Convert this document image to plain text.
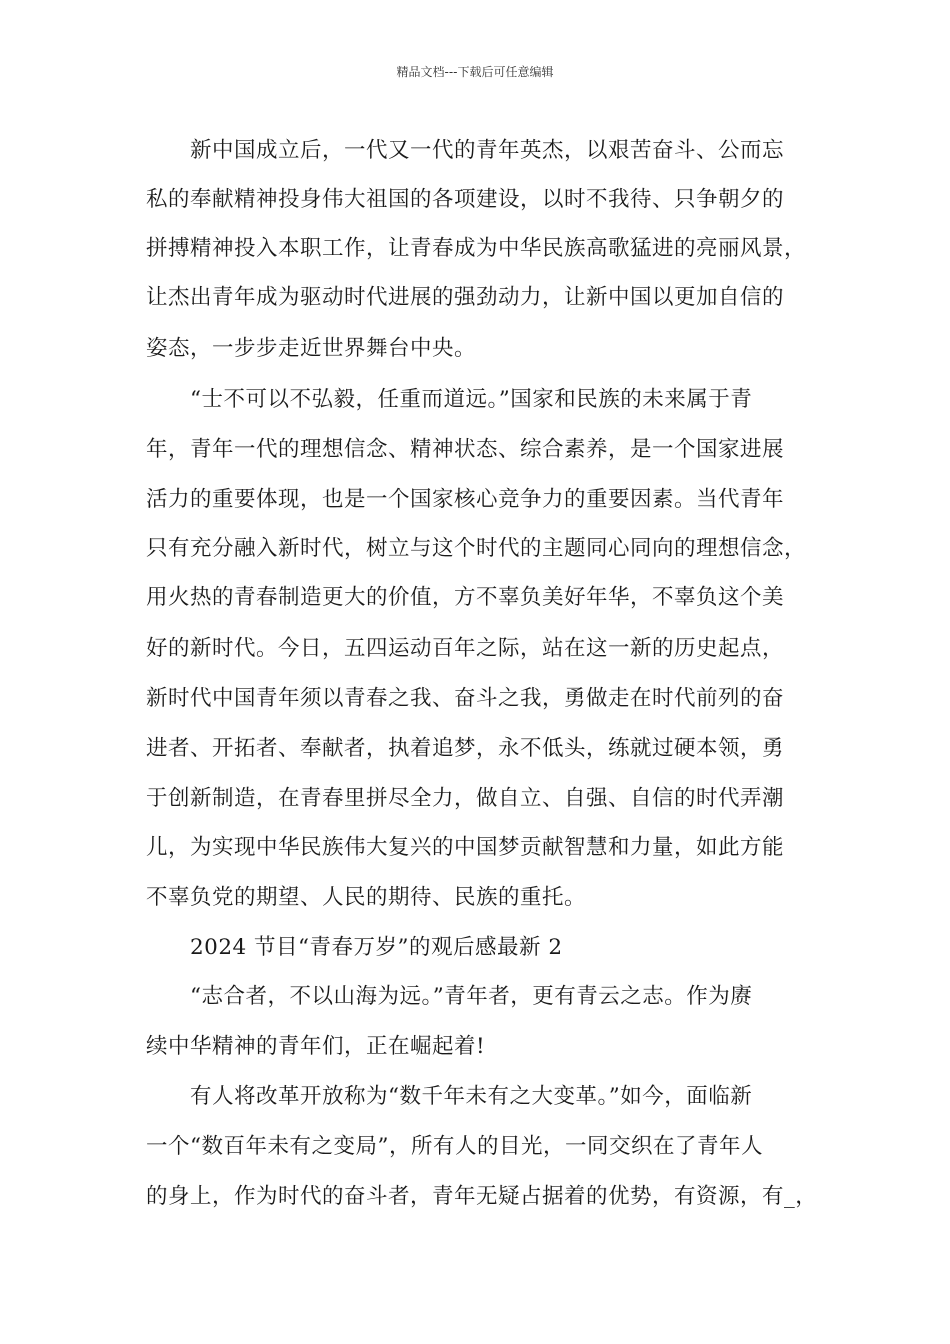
精品文档---下载后可任意编辑
新中国成立后，一代又一代的青年英杰，以艰苦奋斗、公而忘
私的奉献精神投身伟大祖国的各项建设，以时不我待、只争朝夕的
拼搏精神投入本职工作，让青春成为中华民族高歌猛进的亮丽风景，
让杰出青年成为驱动时代进展的强劲动力，让新中国以更加自信的
姿态，一步步走近世界舞台中央。
“士不可以不弘毅，任重而道远。”国家和民族的未来属于青
年，青年一代的理想信念、精神状态、综合素养，是一个国家进展
活力的重要体现，也是一个国家核心竞争力的重要因素。当代青年
只有充分融入新时代，树立与这个时代的主题同心同向的理想信念，
用火热的青春制造更大的价值，方不辜负美好年华，不辜负这个美
好的新时代。今日，五四运动百年之际，站在这一新的历史起点，
新时代中国青年须以青春之我、奋斗之我，勇做走在时代前列的奋
进者、开拓者、奉献者，执着追梦，永不低头，练就过硬本领，勇
于创新制造，在青春里拼尽全力，做自立、自强、自信的时代弄潮
儿，为实现中华民族伟大复兴的中国梦贡献智慧和力量，如此方能
不辜负党的期望、人民的期待、民族的重托。
2024 节目“青春万岁”的观后感最新 2
“志合者，不以山海为远。”青年者，更有青云之志。作为赓
续中华精神的青年们，正在崛起着!
有人将改革开放称为“数千年未有之大变革。”如今，面临新
一个“数百年未有之变局”，所有人的目光，一同交织在了青年人
的身上，作为时代的奋斗者，青年无疑占据着的优势，有资源，有_，
